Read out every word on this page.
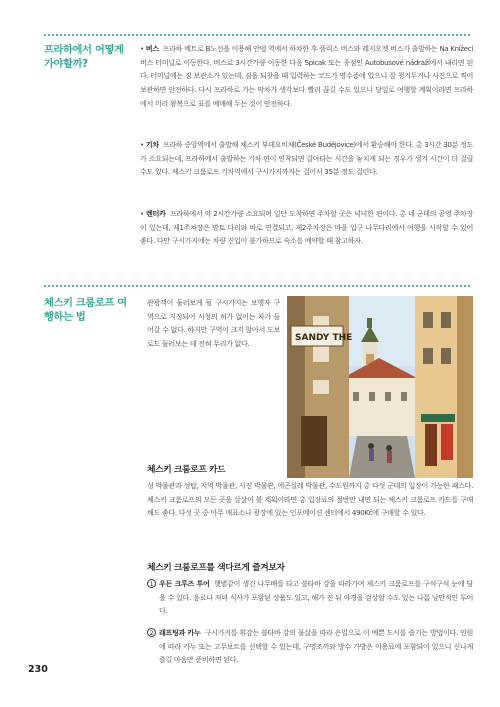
프라하에서 어떻게 가야할까?
• 버스 프라하 메트로 B노선을 이용해 안델 역에서 하차한 후 플릭스 버스와 레지오젯 버스가 출발하는 Na Knížecí 버스 터미널로 이동한다. 버스로 3시간가량 이동한 다음 Spicak 또는 종점인 Autobusové nádraží에서 내리면 된다. 터미널에는 짐 보관소가 있는데, 짐을 되찾을 때 입력하는 코드가 영수증에 있으니 잘 챙겨두거나 사진으로 찍어 보관하면 안전하다. 다시 프라하로 가는 막차가 생각보다 빨리 끊길 수도 있으니 당일로 여행할 계획이라면 프라하에서 미리 왕복으로 표를 예매해 두는 것이 안전하다.
• 기차 프라하 중앙역에서 출발해 체스키 부데요비체(České Budějovice)에서 환승해야 한다. 총 3시간 30분 정도가 소요되는데, 프라하에서 출발하는 기차 편이 연착되면 갈아타는 시간을 놓치게 되는 경우가 생겨 시간이 더 걸릴 수도 있다. 체스키 크룸로프 기차역에서 구시가지까지는 걸어서 35분 정도 걸린다.
• 렌터카 프라하에서 약 2시간가량 소요되며 일단 도착하면 주차할 곳은 넉넉한 편이다. 총 네 군데의 공영 주차장이 있는데, 제1주차장은 망토 다리와 바로 연결되고, 제2주차장은 마을 입구 나무다리에서 여행을 시작할 수 있어 좋다. 다만 구시가지에는 차량 진입이 불가하므로 숙소를 예약할 때 참고하자.
체스키 크룸로프 여행하는 법
관광객이 둘러보게 될 구시가지는 보행자 구역으로 지정되어 시청의 허가 없이는 차가 들어갈 수 없다. 하지만 구역이 크지 않아서 도보로도 둘러보는 데 전혀 무리가 없다.
SANDY THE
체스키 크룸로프 카드
성 박물관과 성탑, 지역 박물관, 사진 박물관, 에곤실레 박물관, 수도원까지 총 다섯 군데의 입장이 가능한 패스다. 체스키 크룸로프의 모든 곳을 살살이 볼 계획이라면 총 입장료의 절반만 내면 되는 체스키 크룸로프 카드를 구매해도 좋다. 다섯 곳 중 아무 매표소나 광장에 있는 인포메이션 센터에서 490Kč에 구매할 수 있다.
체스키 크룸로프를 색다르게 즐겨보자
1 우든 크루즈 투어 햇볕같이 생긴 나무배를 타고 블타바 강을 따라가며 체스키 크룸로프를 구석구석 눈에 담을 수 있다. 음료나 저녁 식사가 포함된 상품도 있고, 해가 진 뒤 야경을 감상할 수도 있는 나름 낭만적인 투어다.
2 래프팅과 카누 구시가지를 휘감는 블타바 강의 물살을 따라 은밀으로 이 예쁜 도시를 즐기는 방법이다. 인원에 따라 카누 또는 고무보트를 선택할 수 있는데, 구명조끼와 방수 가방은 이용료에 포함되어 있으니 신나게 즐길 마음만 준비하면 된다.
230
